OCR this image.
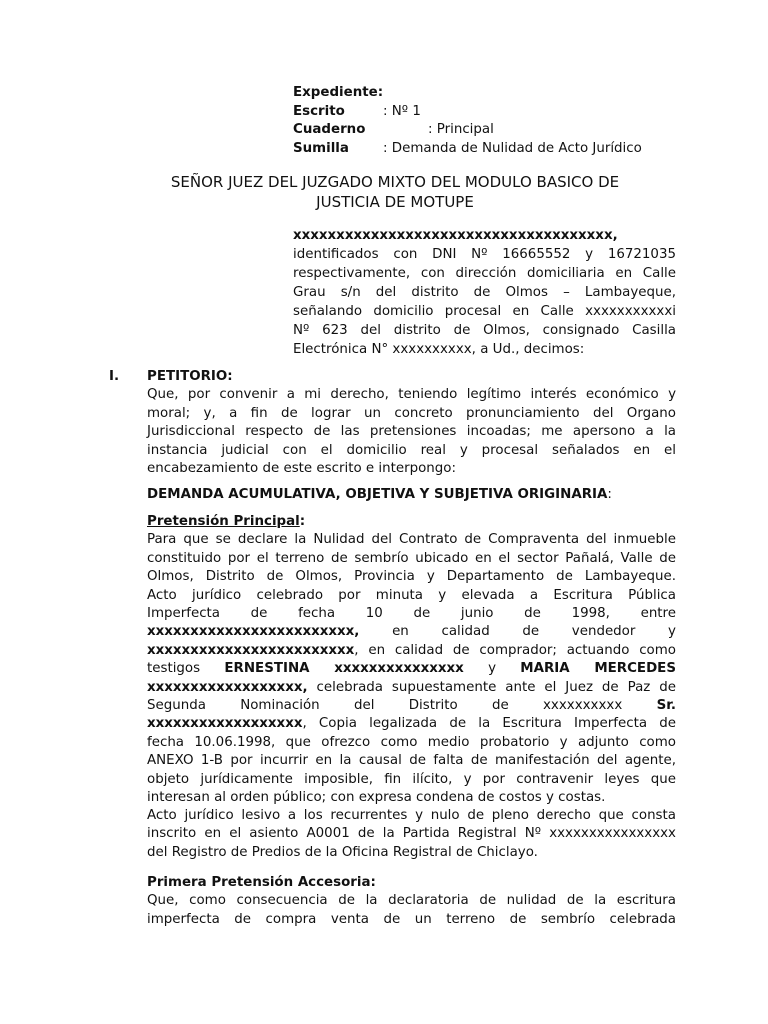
Expediente:
Escrito	: Nº 1
Cuaderno	: Principal
Sumilla	: Demanda de Nulidad de Acto Jurídico
SEÑOR JUEZ DEL JUZGADO MIXTO DEL MODULO BASICO DE
JUSTICIA DE MOTUPE
xxxxxxxxxxxxxxxxxxxxxxxxxxxxxxxxxxxxx,
identificados con DNI Nº 16665552 y 16721035
respectivamente, con dirección domiciliaria en Calle
Grau s/n del distrito de Olmos – Lambayeque,
señalando domicilio procesal en Calle xxxxxxxxxxxi
Nº 623 del distrito de Olmos, consignado Casilla
Electrónica N° xxxxxxxxxx, a Ud., decimos:
I. PETITORIO:
Que, por convenir a mi derecho, teniendo legítimo interés económico y
moral; y, a fin de lograr un concreto pronunciamiento del Organo
Jurisdiccional respecto de las pretensiones incoadas; me apersono a la
instancia judicial con el domicilio real y procesal señalados en el
encabezamiento de este escrito e interpongo:
DEMANDA ACUMULATIVA, OBJETIVA Y SUBJETIVA ORIGINARIA:
Pretensión Principal:
Para que se declare la Nulidad del Contrato de Compraventa del inmueble
constituido por el terreno de sembrío ubicado en el sector Pañalá, Valle de
Olmos, Distrito de Olmos, Provincia y Departamento de Lambayeque.
Acto jurídico celebrado por minuta y elevada a Escritura Pública
Imperfecta de fecha 10 de junio de 1998, entre
xxxxxxxxxxxxxxxxxxxxxxxx, en calidad de vendedor y
xxxxxxxxxxxxxxxxxxxxxxxx, en calidad de comprador; actuando como
testigos ERNESTINA xxxxxxxxxxxxxxx y MARIA MERCEDES
xxxxxxxxxxxxxxxxxx, celebrada supuestamente ante el Juez de Paz de
Segunda Nominación del Distrito de xxxxxxxxxx Sr.
xxxxxxxxxxxxxxxxxx, Copia legalizada de la Escritura Imperfecta de
fecha 10.06.1998, que ofrezco como medio probatorio y adjunto como
ANEXO 1-B por incurrir en la causal de falta de manifestación del agente,
objeto jurídicamente imposible, fin ilícito, y por contravenir leyes que
interesan al orden público; con expresa condena de costos y costas.
Acto jurídico lesivo a los recurrentes y nulo de pleno derecho que consta
inscrito en el asiento A0001 de la Partida Registral Nº xxxxxxxxxxxxxxxx
del Registro de Predios de la Oficina Registral de Chiclayo.
Primera Pretensión Accesoria:
Que, como consecuencia de la declaratoria de nulidad de la escritura
imperfecta de compra venta de un terreno de sembrío celebrada
